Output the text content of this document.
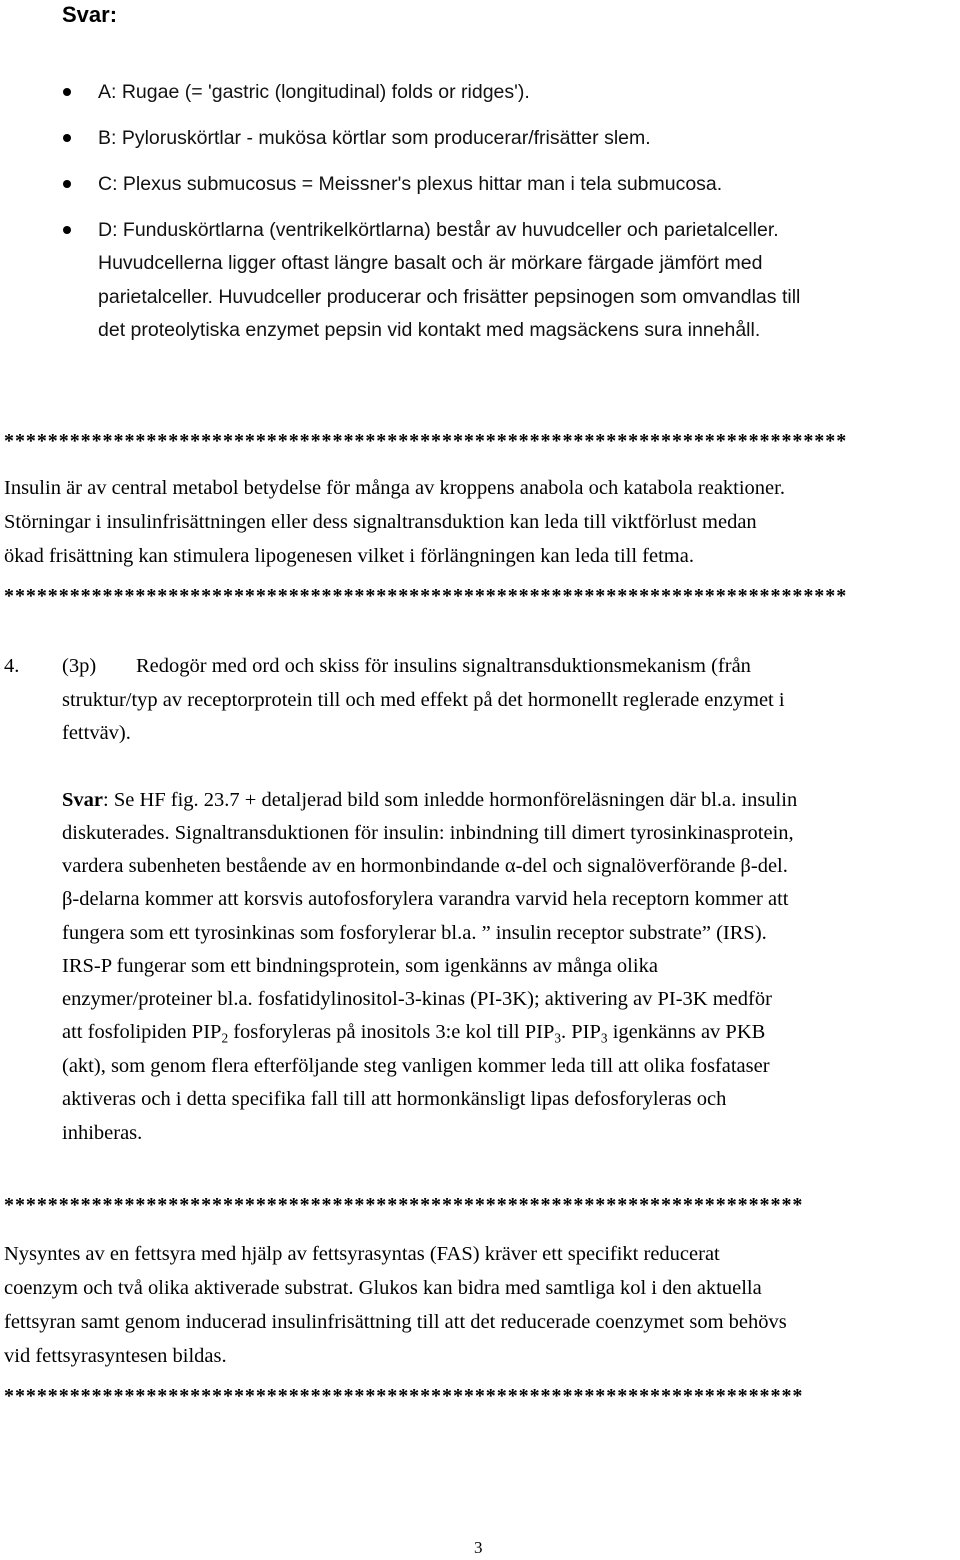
Svar:
A: Rugae (= 'gastric (longitudinal) folds or ridges').
B: Pyloruskörtlar - mukösa körtlar som producerar/frisätter slem.
C: Plexus submucosus = Meissner's plexus hittar man i tela submucosa.
D: Funduskörtlarna (ventrikelkörtlarna) består av huvudceller och parietalceller.
Huvudcellerna ligger oftast längre basalt och är mörkare färgade jämfört med
parietalceller. Huvudceller producerar och frisätter pepsinogen som omvandlas till
det proteolytiska enzymet pepsin vid kontakt med magsäckens sura innehåll.
*****************************************************************************
Insulin är av central metabol betydelse för många av kroppens anabola och katabola reaktioner.
Störningar i insulinfrisättningen eller dess signaltransduktion kan leda till viktförlust medan
ökad frisättning kan stimulera lipogenesen vilket i förlängningen kan leda till fetma.
*****************************************************************************
4. (3p) Redogör med ord och skiss för insulins signaltransduktionsmekanism (från
struktur/typ av receptorprotein till och med effekt på det hormonellt reglerade enzymet i
fettväv).
Svar: Se HF fig. 23.7 + detaljerad bild som inledde hormonföreläsningen där bl.a. insulin
diskuterades. Signaltransduktionen för insulin: inbindning till dimert tyrosinkinasprotein,
vardera subenheten bestående av en hormonbindande α-del och signalöverförande β-del.
β-delarna kommer att korsvis autofosforylera varandra varvid hela receptorn kommer att
fungera som ett tyrosinkinas som fosforylerar bl.a. ” insulin receptor substrate” (IRS).
IRS-P fungerar som ett bindningsprotein, som igenkänns av många olika
enzymer/proteiner bl.a. fosfatidylinositol-3-kinas (PI-3K); aktivering av PI-3K medför
att fosfolipiden $PIP_2$ fosforyleras på inositols 3:e kol till $PIP_3$. $PIP_3$ igenkänns av PKB
(akt), som genom flera efterföljande steg vanligen kommer leda till att olika fosfataser
aktiveras och i detta specifika fall till att hormonkänsligt lipas defosforyleras och
inhiberas.
*************************************************************************
Nysyntes av en fettsyra med hjälp av fettsyrasyntas (FAS) kräver ett specifikt reducerat
coenzym och två olika aktiverade substrat. Glukos kan bidra med samtliga kol i den aktuella
fettsyran samt genom inducerad insulinfrisättning till att det reducerade coenzymet som behövs
vid fettsyrasyntesen bildas.
*************************************************************************
3
